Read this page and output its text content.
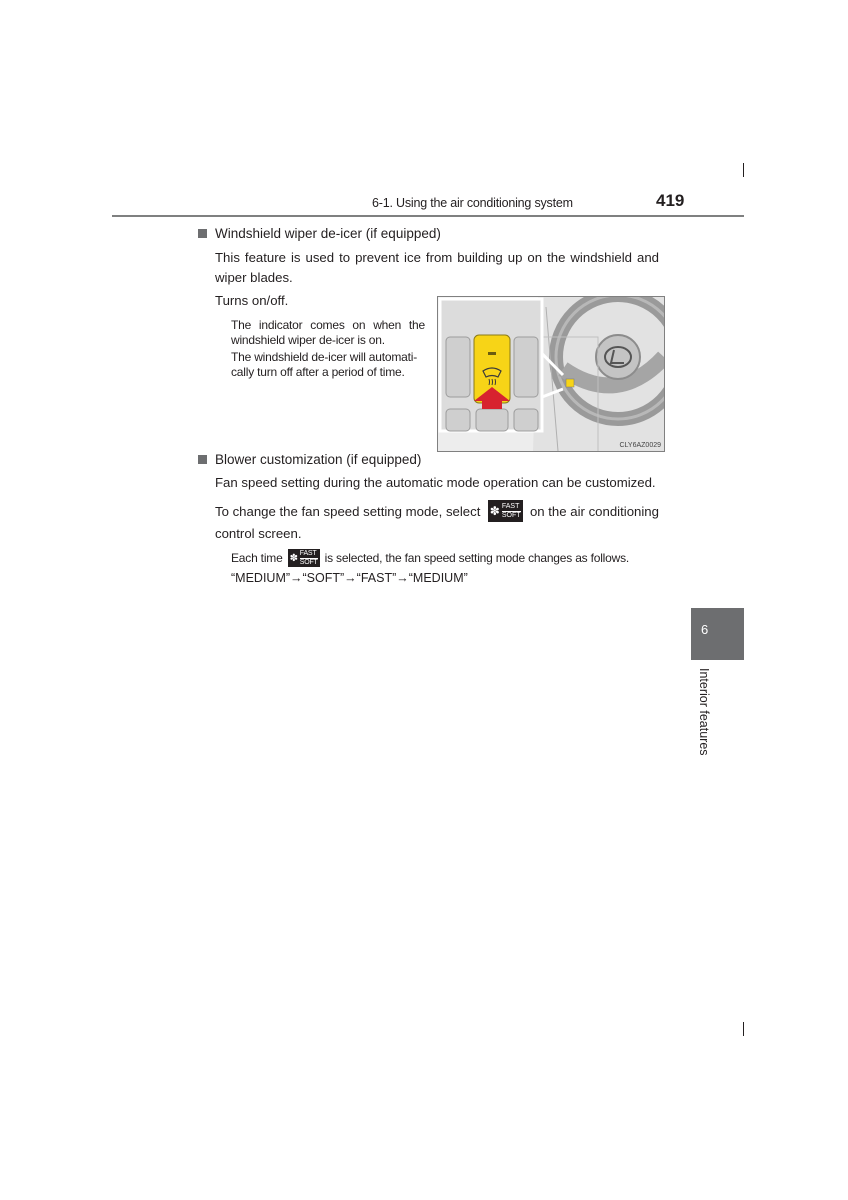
6-1. Using the air conditioning system	419
Windshield wiper de-icer (if equipped)
This feature is used to prevent ice from building up on the windshield and wiper blades.
Turns on/off.
The indicator comes on when the
windshield wiper de-icer is on.
The windshield de-icer will automati-
cally turn off after a period of time.
CLY6AZ0029
Blower customization (if equipped)
Fan speed setting during the automatic mode operation can be customized.
To change the fan speed setting mode, select ✽ FAST
SOFT on the air conditioning
control screen.
Each time ✽ FAST
SOFT is selected, the fan speed setting mode changes as follows.
“MEDIUM”→“SOFT”→“FAST”→“MEDIUM”
6
Interior features
